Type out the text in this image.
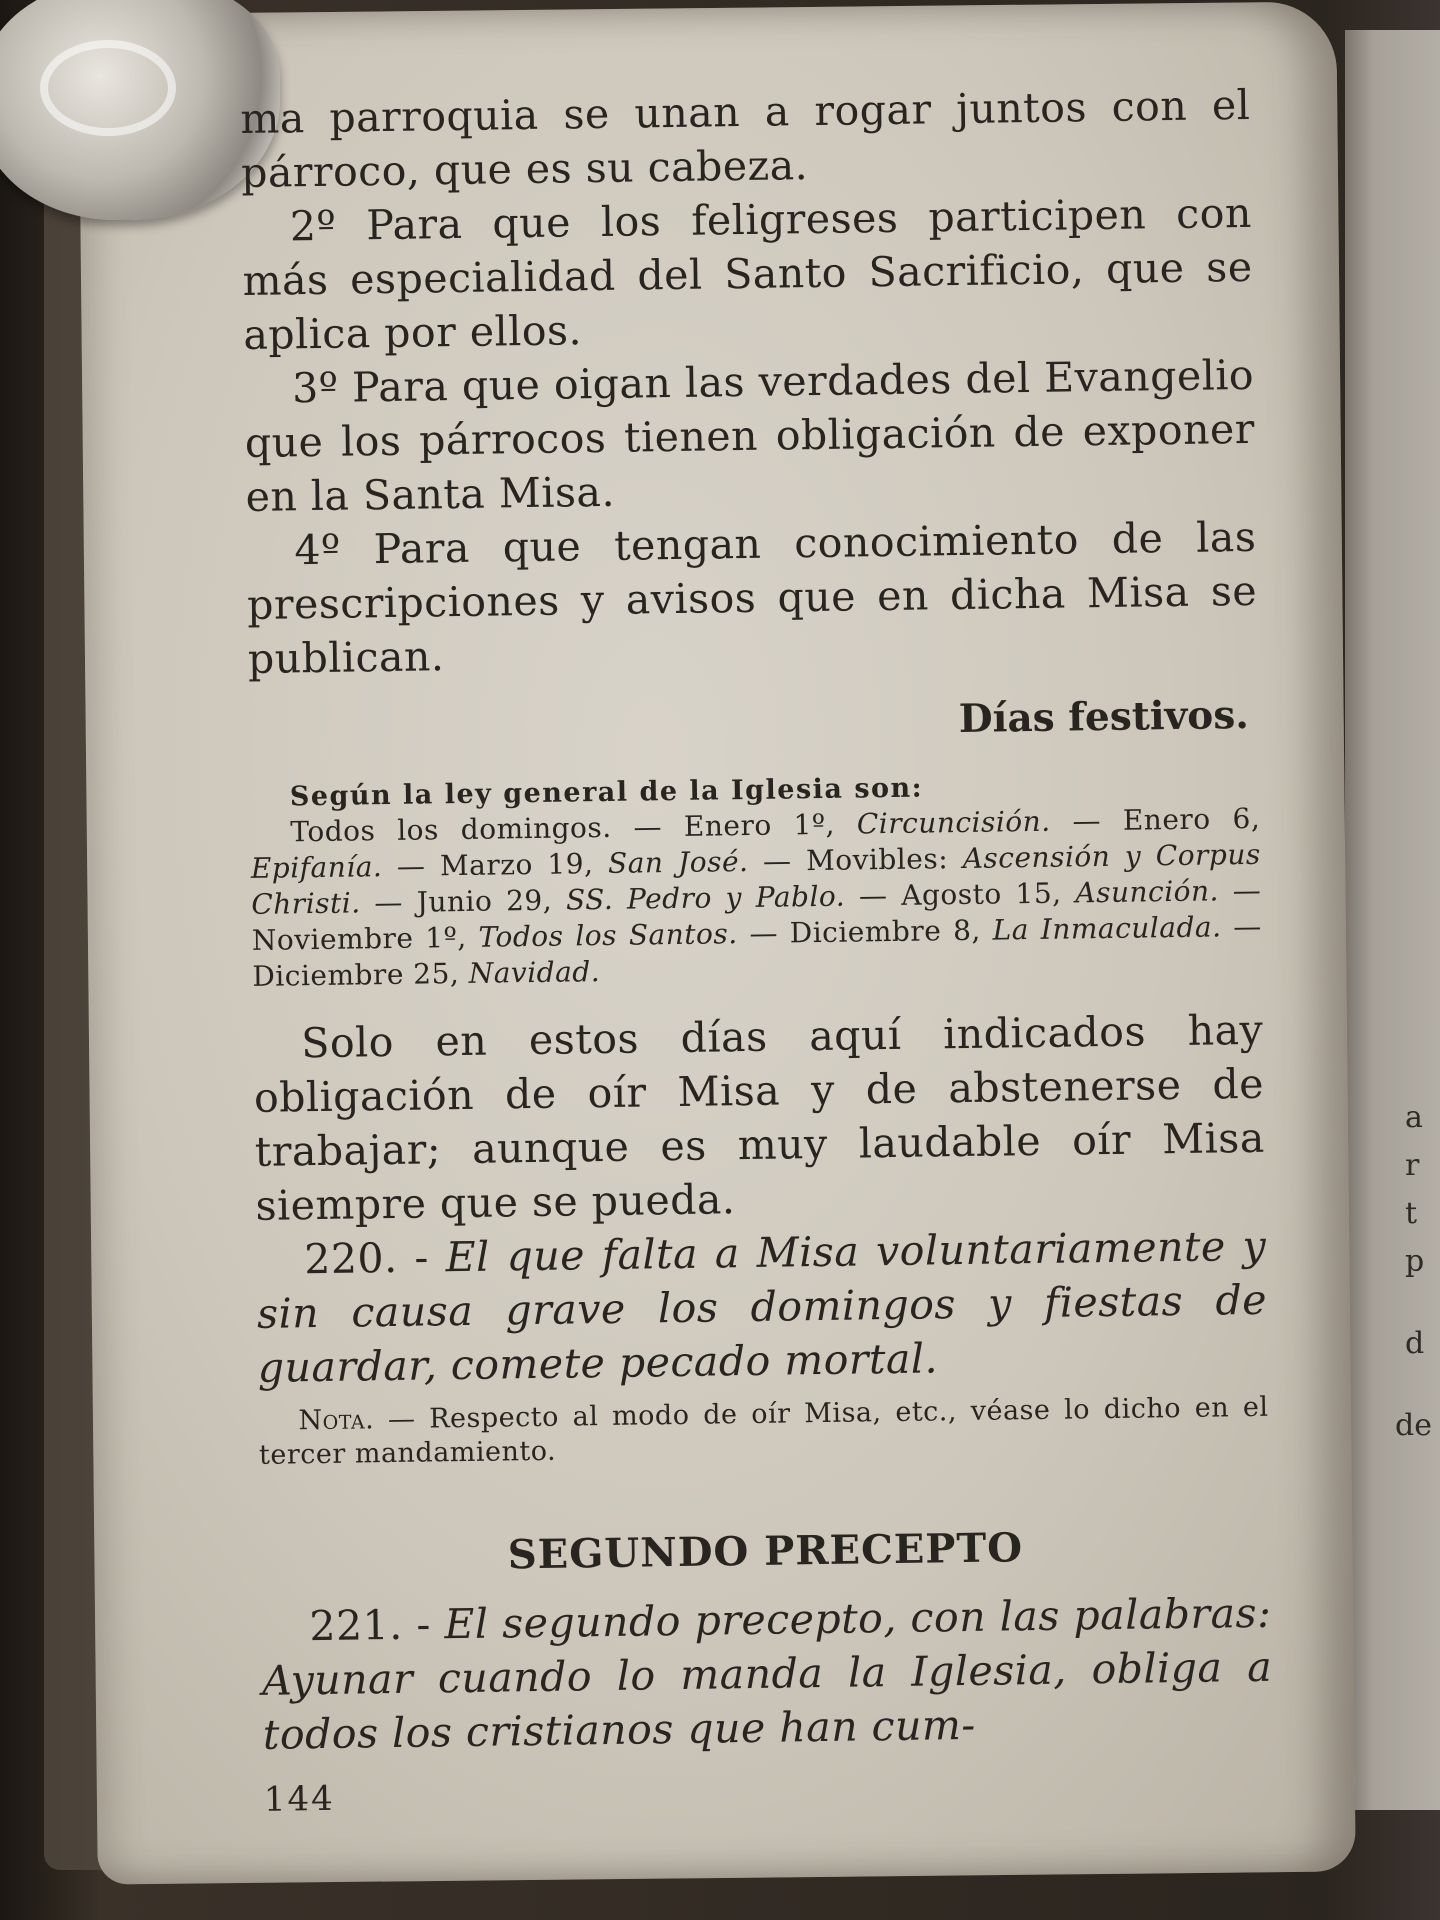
a
r
t
p
d
de

ma parroquia se unan a rogar juntos con el párroco, que es su cabeza.

2º Para que los feligreses participen con más especialidad del Santo Sacrificio, que se aplica por ellos.

3º Para que oigan las verdades del Evangelio que los párrocos tienen obligación de exponer en la Santa Misa.

4º Para que tengan conocimiento de las prescripciones y avisos que en dicha Misa se publican.

Días festivos.

Según la ley general de la Iglesia son:

Todos los domingos. — Enero 1º, Circuncisión. — Enero 6, Epifanía. — Marzo 19, San José. — Movibles: Ascensión y Corpus Christi. — Junio 29, SS. Pedro y Pablo. — Agosto 15, Asunción. — Noviembre 1º, Todos los Santos. — Diciembre 8, La Inmaculada. — Diciembre 25, Navidad.

Solo en estos días aquí indicados hay obligación de oír Misa y de abstenerse de trabajar; aunque es muy laudable oír Misa siempre que se pueda.

220. - El que falta a Misa voluntariamente y sin causa grave los domingos y fiestas de guardar, comete pecado mortal.

Nota. — Respecto al modo de oír Misa, etc., véase lo dicho en el tercer mandamiento.

SEGUNDO PRECEPTO

221. - El segundo precepto, con las palabras: Ayunar cuando lo manda la Iglesia, obliga a todos los cristianos que han cum-

144
